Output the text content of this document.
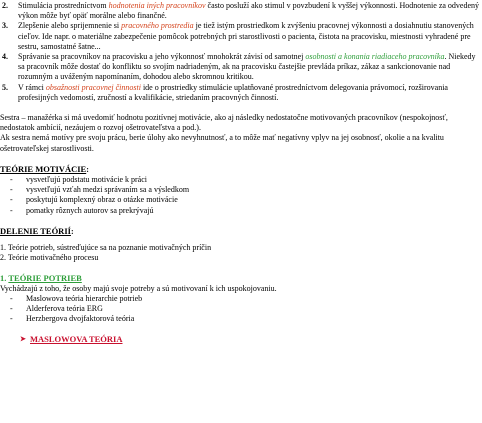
2. Stimulácia prostredníctvom hodnotenia iných pracovníkov často posluží ako stimul v povzbudení k vyššej výkonnosti. Hodnotenie za odvedený výkon môže byť opäť morálne alebo finančné.
3. Zlepšenie alebo sprijemnenie si pracovného prostredia je tiež istým prostriedkom k zvýšeniu pracovnej výkonnosti a dosiahnutiu stanovených cieľov. Ide napr. o materiálne zabezpečenie pomôcok potrebných pri starostlivosti o pacienta, čistota na pracovisku, miestnosti vyhradené pre sestru, samostatné šatne...
4. Správanie sa pracovníkov na pracovisku a jeho výkonnosť mnohokrát závisí od samotnej osobnosti a konania riadiaceho pracovníka. Niekedy sa pracovník môže dostať do konfliktu so svojím nadriadeným, ak na pracovisku častejšie prevláda príkaz, zákaz a sankcionovanie nad rozumným a uváženým napomínaním, dohodou alebo skromnou kritikou.
5. V rámci obsažnosti pracovnej činnosti ide o prostriedky stimulácie uplatňované prostredníctvom delegovania právomocí, rozširovania profesijných vedomostí, zručností a kvalifikácie, striedaním pracovných činností.
Sestra – manažérka si má uvedomiť hodnotu pozitívnej motivácie, ako aj následky nedostatočne motivovaných pracovníkov (nespokojnosť, nedostatok ambícií, nezáujem o rozvoj ošetrovateľstva a pod.).
Ak sestra nemá motívy pre svoju prácu, berie úlohy ako nevyhnutnosť, a to môže mať negatívny vplyv na jej osobnosť, okolie a na kvalitu ošetrovateľskej starostlivosti.
TEÓRIE MOTIVÁCIE:
- vysvetľujú podstatu motivácie k práci
- vysvetľujú vzťah medzi správaním sa a výsledkom
- poskytujú komplexný obraz o otázke motivácie
- pomatky rôznych autorov sa prekrývajú
DELENIE TEÓRIÍ:
1. Teórie potrieb, sústreďujúce sa na poznanie motivačných príčin
2. Teórie motivačného procesu
1. TEÓRIE POTRIEB
Vychádzajú z toho, že osoby majú svoje potreby a sú motivovaní k ich uspokojovaniu.
- Maslowova teória hierarchie potrieb
- Alderferova teória ERG
- Herzbergova dvojfaktorová teória
➤ MASLOWOVA TEÓRIA
